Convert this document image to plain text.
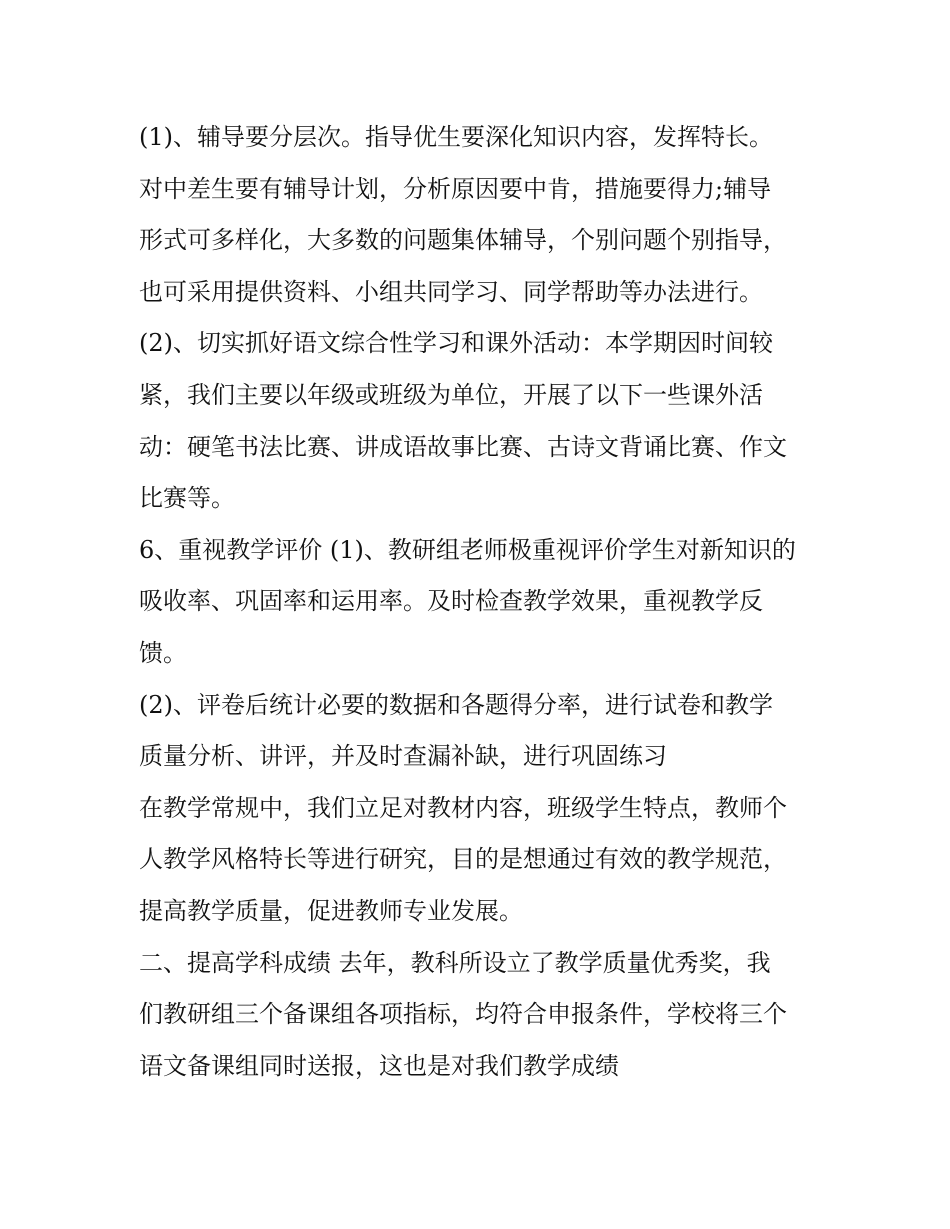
(1)、辅导要分层次。指导优生要深化知识内容，发挥特长。
对中差生要有辅导计划，分析原因要中肯，措施要得力;辅导
形式可多样化，大多数的问题集体辅导，个别问题个别指导，
也可采用提供资料、小组共同学习、同学帮助等办法进行。
(2)、切实抓好语文综合性学习和课外活动：本学期因时间较
紧，我们主要以年级或班级为单位，开展了以下一些课外活
动：硬笔书法比赛、讲成语故事比赛、古诗文背诵比赛、作文
比赛等。
6、重视教学评价 (1)、教研组老师极重视评价学生对新知识的
吸收率、巩固率和运用率。及时检查教学效果，重视教学反
馈。
(2)、评卷后统计必要的数据和各题得分率，进行试卷和教学
质量分析、讲评，并及时查漏补缺，进行巩固练习
在教学常规中，我们立足对教材内容，班级学生特点，教师个
人教学风格特长等进行研究，目的是想通过有效的教学规范，
提高教学质量，促进教师专业发展。
二、提高学科成绩 去年，教科所设立了教学质量优秀奖，我
们教研组三个备课组各项指标，均符合申报条件，学校将三个
语文备课组同时送报，这也是对我们教学成绩
